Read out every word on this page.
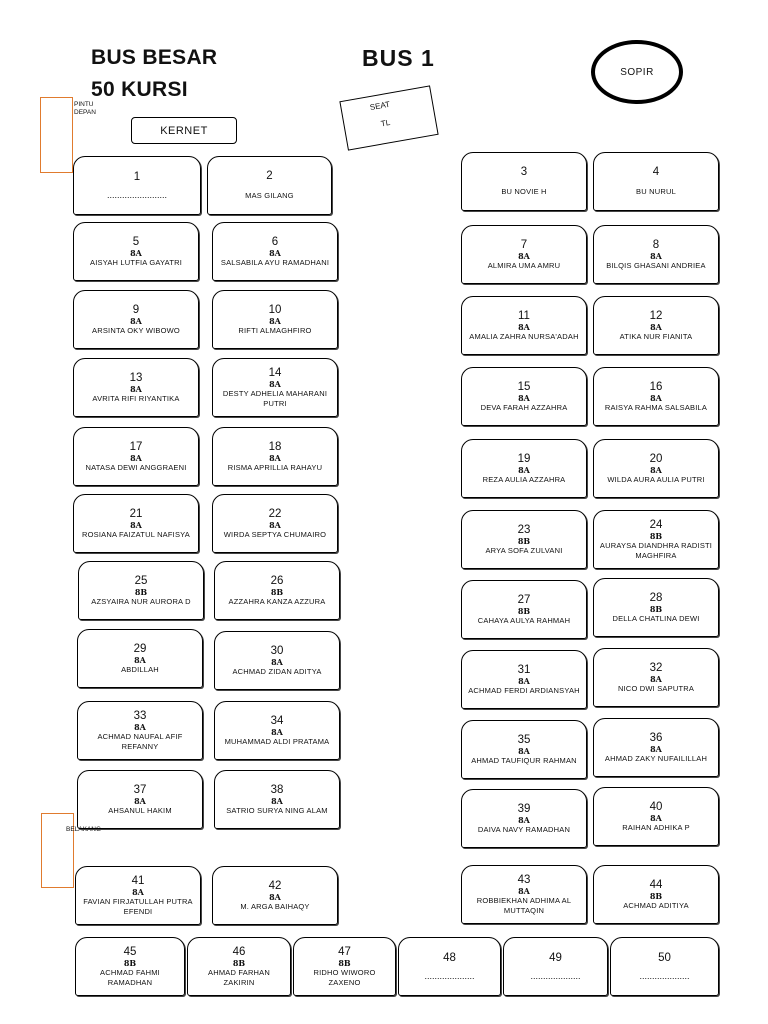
BUS BESAR
50 KURSI
BUS 1
SOPIR
PINTU DEPAN
KERNET
SEAT
TL
BELAKANG
1
........................
2
MAS GILANG
3
BU NOVIE H
4
BU NURUL
5
8A
AISYAH LUTFIA GAYATRI
6
8A
SALSABILA AYU RAMADHANI
7
8A
ALMIRA UMA AMRU
8
8A
BILQIS GHASANI ANDRIEA
9
8A
ARSINTA OKY WIBOWO
10
8A
RIFTI ALMAGHFIRO
11
8A
AMALIA ZAHRA NURSA'ADAH
12
8A
ATIKA NUR FIANITA
13
8A
AVRITA RIFI RIYANTIKA
14
8A
DESTY ADHELIA MAHARANI PUTRI
15
8A
DEVA FARAH AZZAHRA
16
8A
RAISYA RAHMA SALSABILA
17
8A
NATASA DEWI ANGGRAENI
18
8A
RISMA APRILLIA RAHAYU
19
8A
REZA AULIA AZZAHRA
20
8A
WILDA AURA AULIA PUTRI
21
8A
ROSIANA FAIZATUL NAFISYA
22
8A
WIRDA SEPTYA CHUMAIRO	23
8B
ARYA SOFA ZULVANI
24
8B
AURAYSA DIANDHRA RADISTI MAGHFIRA
25
8B
AZSYAIRA NUR AURORA D
26
8B
AZZAHRA KANZA AZZURA	27
8B
CAHAYA AULYA RAHMAH
28
8B
DELLA CHATLINA DEWI
29
8A
ABDILLAH
30
8A
ACHMAD ZIDAN ADITYA	31
8A
ACHMAD FERDI ARDIANSYAH
32
8A
NICO DWI SAPUTRA
33
8A
ACHMAD NAUFAL AFIF REFANNY
34
8A
MUHAMMAD ALDI PRATAMA	35
8A
AHMAD TAUFIQUR RAHMAN
36
8A
AHMAD ZAKY NUFAILILLAH
37
8A
AHSANUL HAKIM
38
8A
SATRIO SURYA NING ALAM	39
8A
DAIVA NAVY RAMADHAN
40
8A
RAIHAN ADHIKA P
41
8A
FAVIAN FIRJATULLAH PUTRA EFENDI
42
8A
M. ARGA BAIHAQY
43
8A
ROBBIEKHAN ADHIMA AL MUTTAQIN
44
8B
ACHMAD ADITIYA
45
8B
ACHMAD FAHMI RAMADHAN
46
8B
AHMAD FARHAN ZAKIRIN
47
8B
RIDHO WIWORO ZAXENO
48
....................
49
....................
50
....................
